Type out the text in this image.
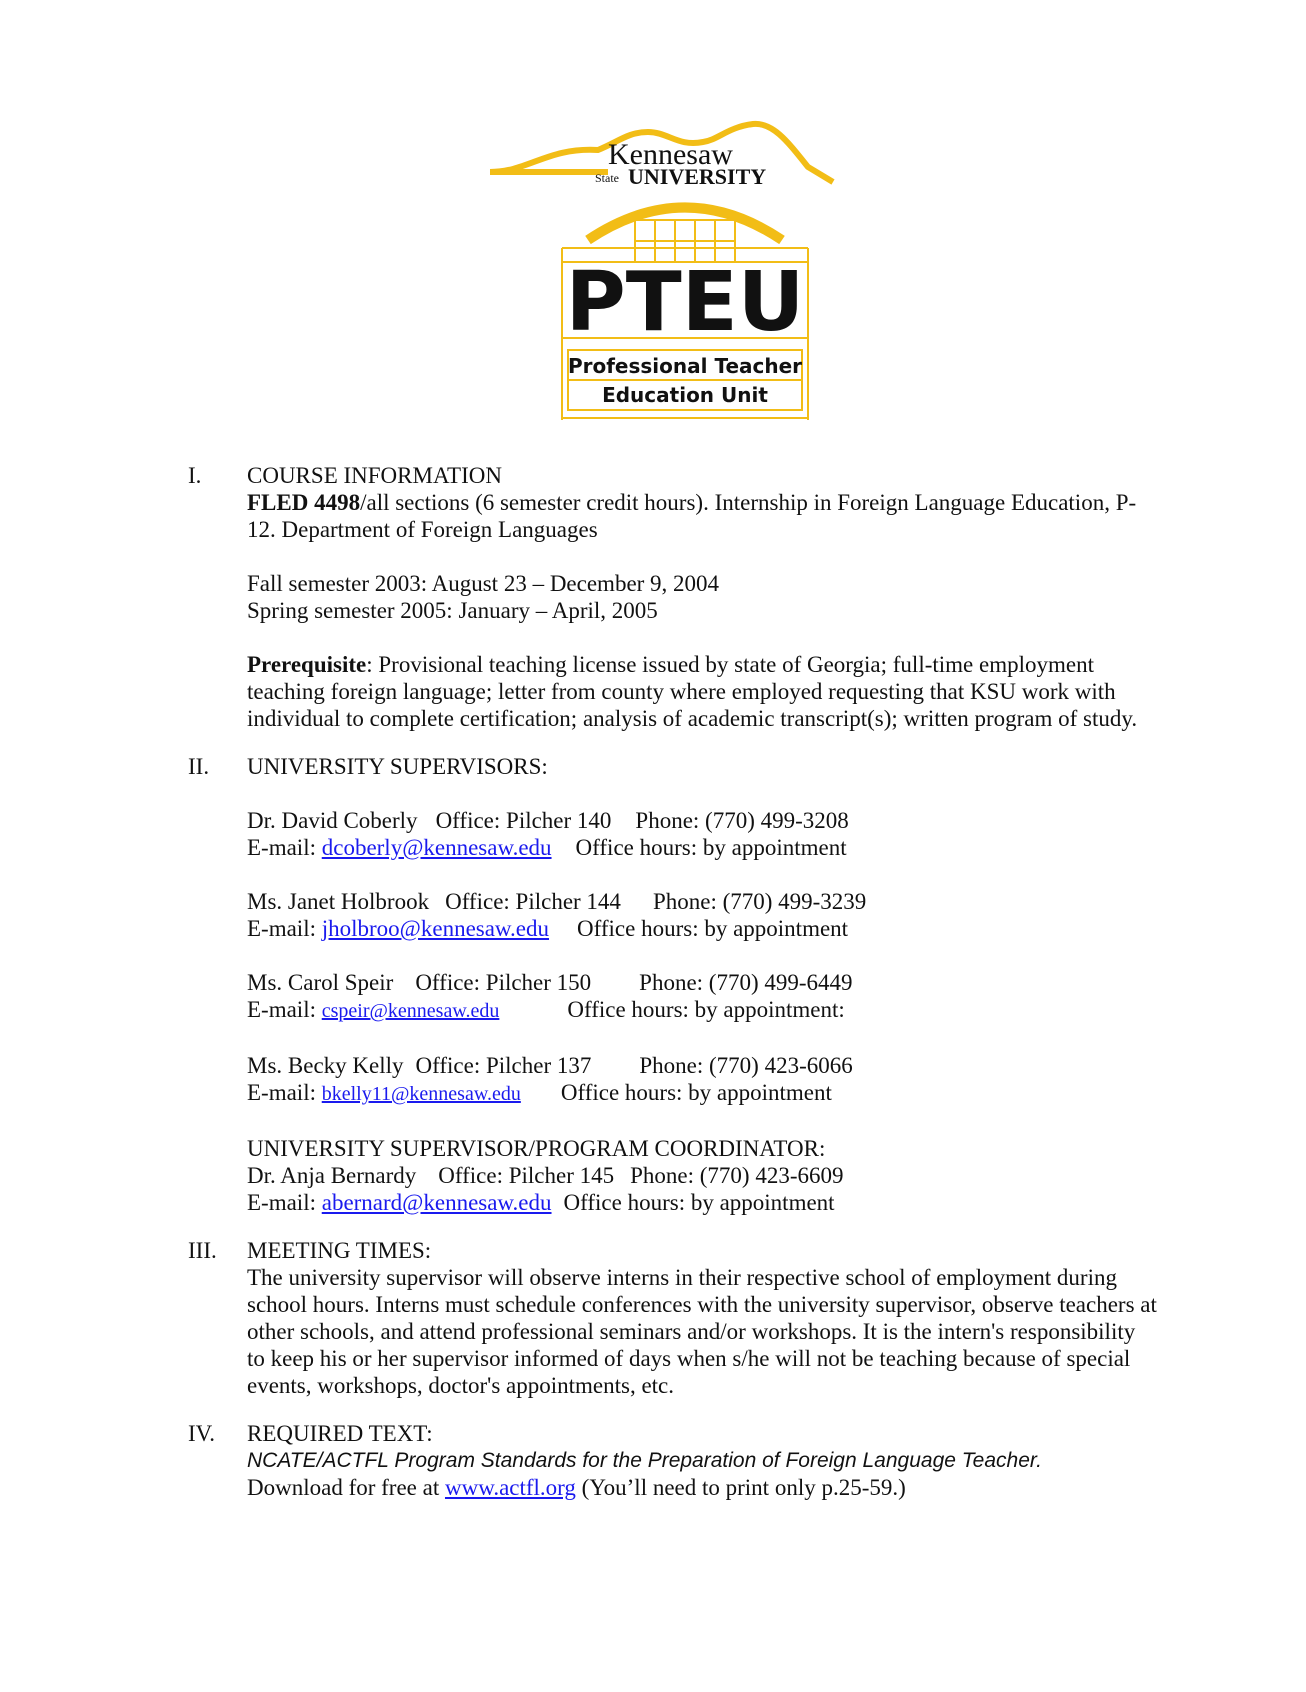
Kennesaw
State UNIVERSITY
PTEU
Professional Teacher
Education Unit
I. COURSE INFORMATION

FLED 4498/all sections (6 semester credit hours). Internship in Foreign Language Education, P-12. Department of Foreign Languages

Fall semester 2003: August 23 – December 9, 2004

Spring semester 2005: January – April, 2005

Prerequisite: Provisional teaching license issued by state of Georgia; full-time employment teaching foreign language; letter from county where employed requesting that KSU work with individual to complete certification; analysis of academic transcript(s); written program of study.

II. UNIVERSITY SUPERVISORS:

Dr. David Coberly Office: Pilcher 140 Phone: (770) 499-3208

E-mail: dcoberly@kennesaw.edu Office hours: by appointment

Ms. Janet Holbrook Office: Pilcher 144 Phone: (770) 499-3239

E-mail: jholbroo@kennesaw.edu Office hours: by appointment

Ms. Carol Speir Office: Pilcher 150 Phone: (770) 499-6449

E-mail: cspeir@kennesaw.edu	Office hours: by appointment:

Ms. Becky Kelly Office: Pilcher 137 Phone: (770) 423-6066

E-mail: bkelly11@kennesaw.edu Office hours: by appointment

UNIVERSITY SUPERVISOR/PROGRAM COORDINATOR:

Dr. Anja Bernardy Office: Pilcher 145 Phone: (770) 423-6609

E-mail: abernard@kennesaw.edu Office hours: by appointment

III. MEETING TIMES:

The university supervisor will observe interns in their respective school of employment during school hours. Interns must schedule conferences with the university supervisor, observe teachers at other schools, and attend professional seminars and/or workshops. It is the intern's responsibility to keep his or her supervisor informed of days when s/he will not be teaching because of special events, workshops, doctor's appointments, etc.

IV. REQUIRED TEXT:

NCATE/ACTFL Program Standards for the Preparation of Foreign Language Teacher.

Download for free at www.actfl.org (You’ll need to print only p.25-59.)
